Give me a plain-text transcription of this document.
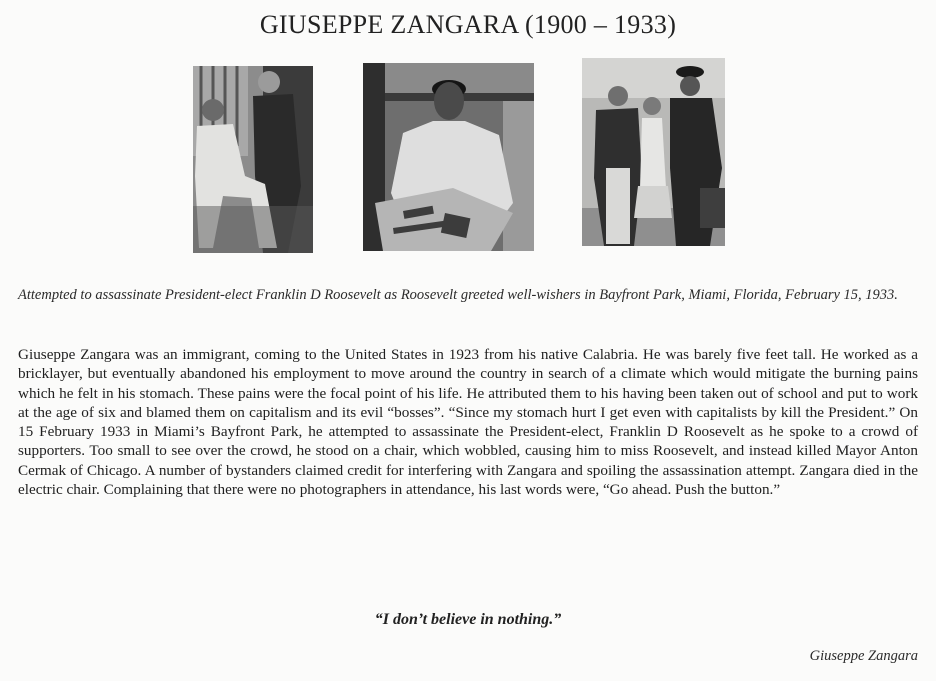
GIUSEPPE ZANGARA (1900 – 1933)
Attempted to assassinate President-elect Franklin D Roosevelt as Roosevelt greeted well-wishers in Bayfront Park, Miami, Florida, February 15, 1933.
Giuseppe Zangara was an immigrant, coming to the United States in 1923 from his native Calabria. He was barely five feet tall. He worked as a bricklayer, but eventually abandoned his employment to move around the country in search of a climate which would mitigate the burning pains which he felt in his stomach. These pains were the focal point of his life. He attributed them to his having been taken out of school and put to work at the age of six and blamed them on capitalism and its evil “bosses”. “Since my stomach hurt I get even with capitalists by kill the President.” On 15 February 1933 in Miami’s Bayfront Park, he attempted to assassinate the President-elect, Franklin D Roosevelt as he spoke to a crowd of supporters. Too small to see over the crowd, he stood on a chair, which wobbled, causing him to miss Roosevelt, and instead killed Mayor Anton Cermak of Chicago. A number of bystanders claimed credit for interfering with Zangara and spoiling the assassination attempt. Zangara died in the electric chair. Complaining that there were no photographers in attendance, his last words were, “Go ahead. Push the button.”
“I don’t believe in nothing.”
Giuseppe Zangara
